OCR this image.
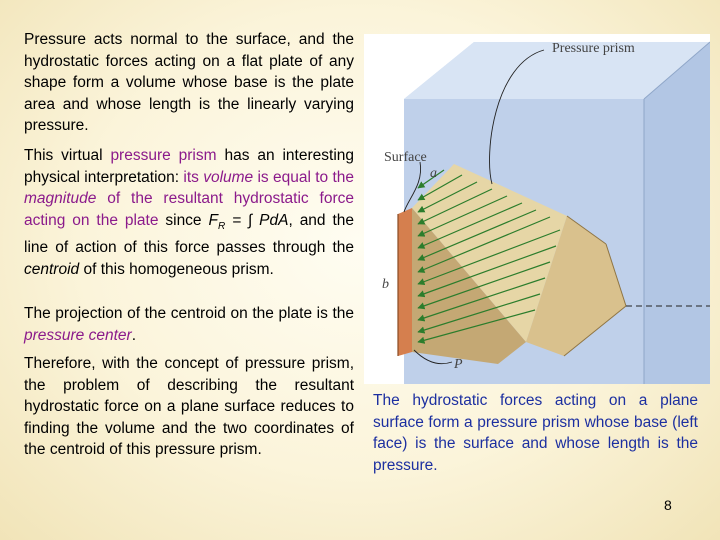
Pressure acts normal to the surface, and the hydrostatic forces acting on a flat plate of any shape form a volume whose base is the plate area and whose length is the linearly varying pressure.

This virtual pressure prism has an interesting physical interpretation: its volume is equal to the magnitude of the resultant hydrostatic force acting on the plate since $F_R$ = ∫ PdA, and the line of action of this force passes through the centroid of this homogeneous prism.

The projection of the centroid on the plate is the pressure center.

Therefore, with the concept of pressure prism, the problem of describing the resultant hydrostatic force on a plane surface reduces to finding the volume and the two coordinates of the centroid of this pressure prism.

Pressure prism
Surface
a
b
P

The hydrostatic forces acting on a plane surface form a pressure prism whose base (left face) is the surface and whose length is the pressure.

8
